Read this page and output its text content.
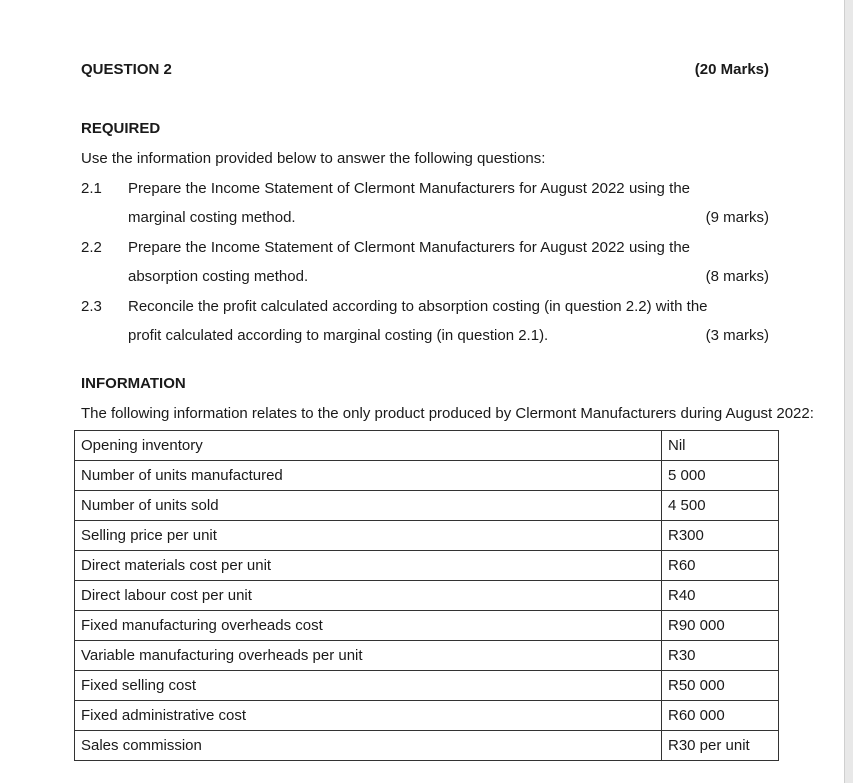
QUESTION 2	(20 Marks)
REQUIRED
Use the information provided below to answer the following questions:
2.1 Prepare the Income Statement of Clermont Manufacturers for August 2022 using the
marginal costing method.	(9 marks)
2.2 Prepare the Income Statement of Clermont Manufacturers for August 2022 using the
absorption costing method.	(8 marks)
2.3 Reconcile the profit calculated according to absorption costing (in question 2.2) with the
profit calculated according to marginal costing (in question 2.1).	(3 marks)
INFORMATION
The following information relates to the only product produced by Clermont Manufacturers during August 2022:
Opening inventory	Nil
Number of units manufactured	5 000
Number of units sold	4 500
Selling price per unit	R300
Direct materials cost per unit	R60
Direct labour cost per unit	R40
Fixed manufacturing overheads cost	R90 000
Variable manufacturing overheads per unit	R30
Fixed selling cost	R50 000
Fixed administrative cost	R60 000
Sales commission	R30 per unit
